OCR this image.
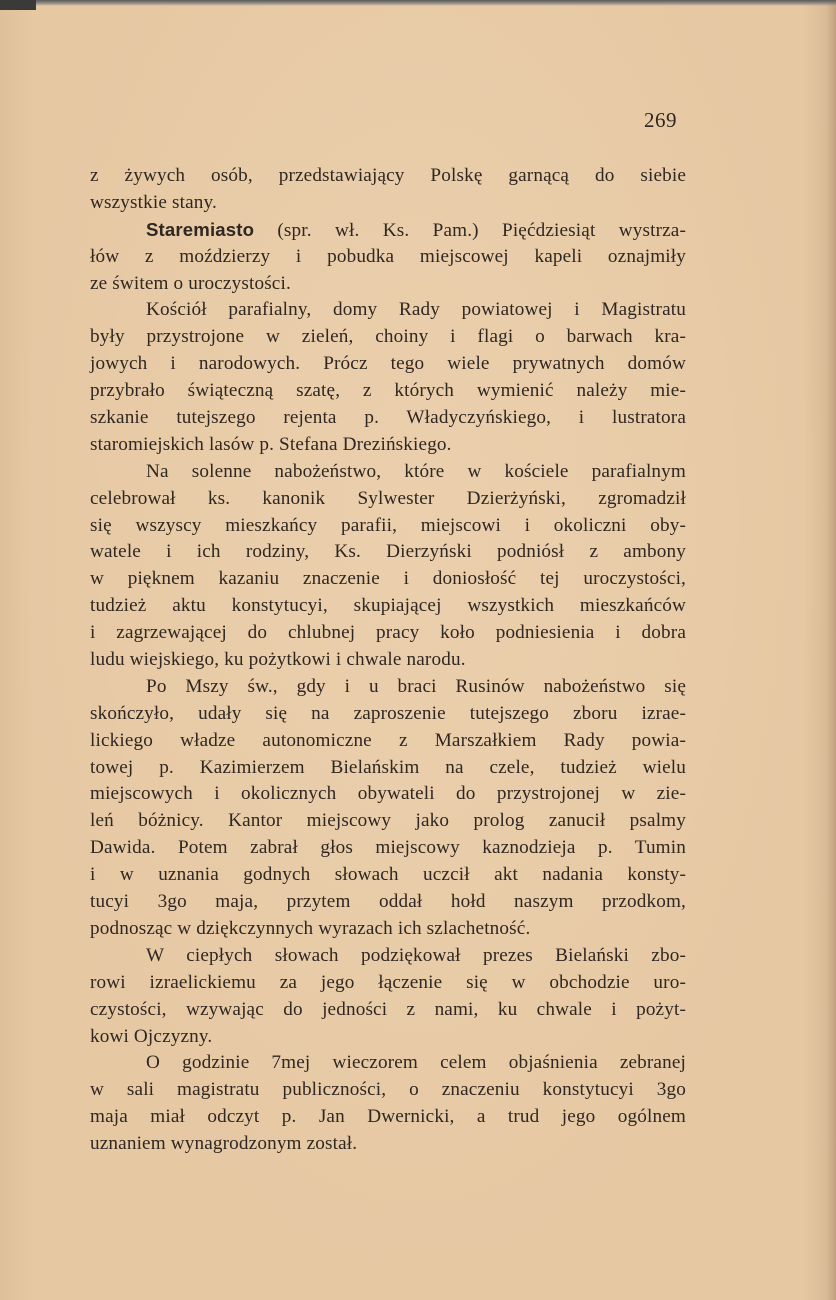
269
z żywych osób, przedstawiający Polskę garnącą do siebie
wszystkie stany.
Staremiasto (spr. wł. Ks. Pam.) Pięćdziesiąt wystrza-
łów z moździerzy i pobudka miejscowej kapeli oznajmiły
ze świtem o uroczystości.
Kościół parafialny, domy Rady powiatowej i Magistratu
były przystrojone w zieleń, choiny i flagi o barwach kra-
jowych i narodowych. Prócz tego wiele prywatnych domów
przybrało świąteczną szatę, z których wymienić należy mie-
szkanie tutejszego rejenta p. Władyczyńskiego, i lustratora
staromiejskich lasów p. Stefana Drezińskiego.
Na solenne nabożeństwo, które w kościele parafialnym
celebrował ks. kanonik Sylwester Dzierżyński, zgromadził
się wszyscy mieszkańcy parafii, miejscowi i okoliczni oby-
watele i ich rodziny, Ks. Dierzyński podniósł z ambony
w pięknem kazaniu znaczenie i doniosłość tej uroczystości,
tudzież aktu konstytucyi, skupiającej wszystkich mieszkańców
i zagrzewającej do chlubnej pracy koło podniesienia i dobra
ludu wiejskiego, ku pożytkowi i chwale narodu.
Po Mszy św., gdy i u braci Rusinów nabożeństwo się
skończyło, udały się na zaproszenie tutejszego zboru izrae-
lickiego władze autonomiczne z Marszałkiem Rady powia-
towej p. Kazimierzem Bielańskim na czele, tudzież wielu
miejscowych i okolicznych obywateli do przystrojonej w zie-
leń bóżnicy. Kantor miejscowy jako prolog zanucił psalmy
Dawida. Potem zabrał głos miejscowy kaznodzieja p. Tumin
i w uznania godnych słowach uczcił akt nadania konsty-
tucyi 3go maja, przytem oddał hołd naszym przodkom,
podnosząc w dziękczynnych wyrazach ich szlachetność.
W ciepłych słowach podziękował prezes Bielański zbo-
rowi izraelickiemu za jego łączenie się w obchodzie uro-
czystości, wzywając do jedności z nami, ku chwale i pożyt-
kowi Ojczyzny.
O godzinie 7mej wieczorem celem objaśnienia zebranej
w sali magistratu publiczności, o znaczeniu konstytucyi 3go
maja miał odczyt p. Jan Dwernicki, a trud jego ogólnem
uznaniem wynagrodzonym został.
